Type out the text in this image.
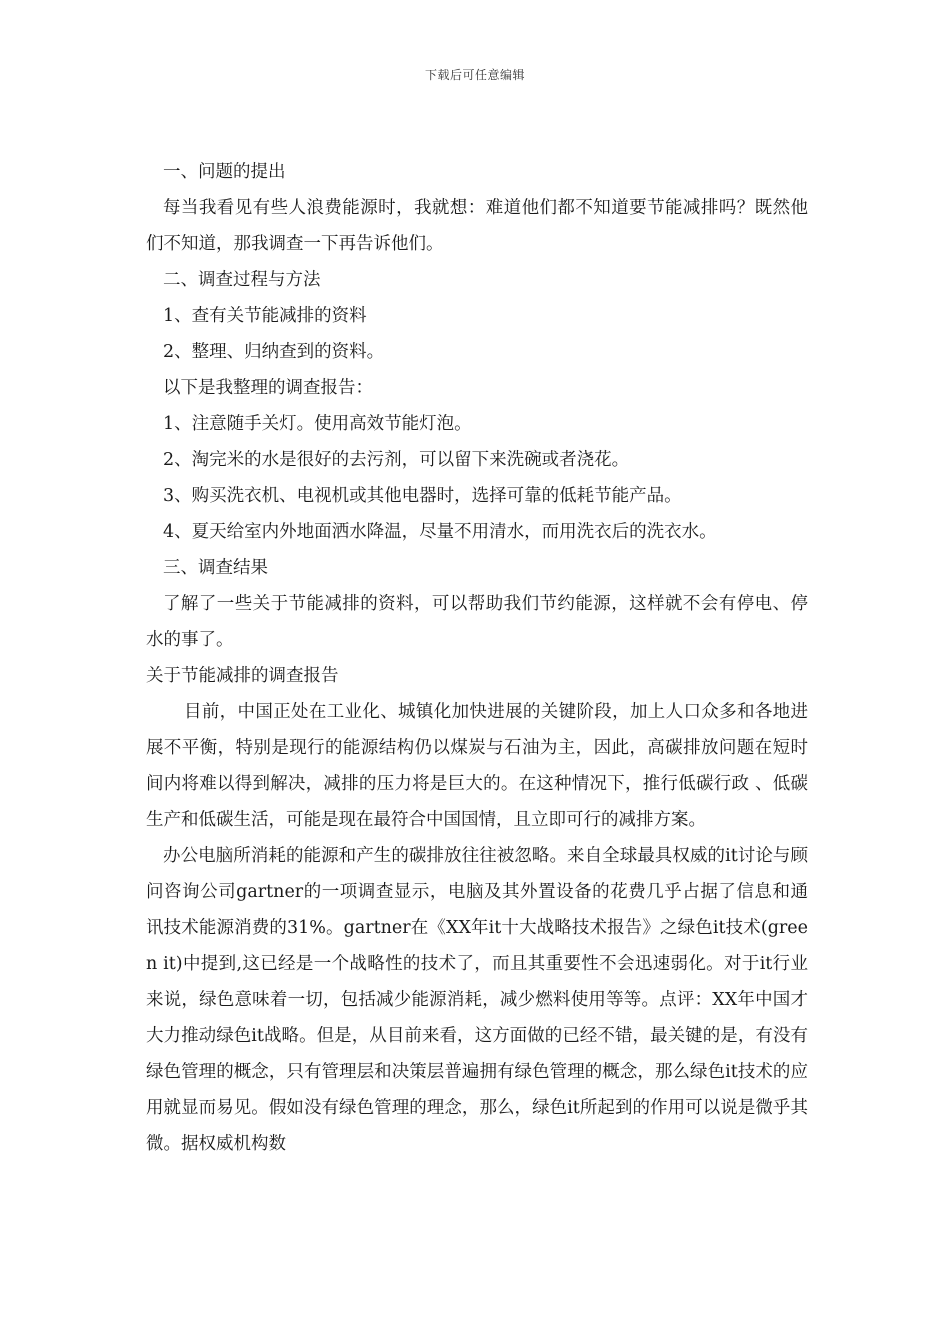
下载后可任意编辑
一、问题的提出
每当我看见有些人浪费能源时，我就想：难道他们都不知道要节能减排吗？既然他们不知道，那我调查一下再告诉他们。
二、调查过程与方法
1、查有关节能减排的资料
2、整理、归纳查到的资料。
以下是我整理的调查报告：
1、注意随手关灯。使用高效节能灯泡。
2、淘完米的水是很好的去污剂，可以留下来洗碗或者浇花。
3、购买洗衣机、电视机或其他电器时，选择可靠的低耗节能产品。
4、夏天给室内外地面洒水降温，尽量不用清水，而用洗衣后的洗衣水。
三、调查结果
了解了一些关于节能减排的资料，可以帮助我们节约能源，这样就不会有停电、停水的事了。
关于节能减排的调查报告
目前，中国正处在工业化、城镇化加快进展的关键阶段，加上人口众多和各地进展不平衡，特别是现行的能源结构仍以煤炭与石油为主，因此，高碳排放问题在短时间内将难以得到解决，减排的压力将是巨大的。在这种情况下，推行低碳行政 、低碳生产和低碳生活，可能是现在最符合中国国情，且立即可行的减排方案。
办公电脑所消耗的能源和产生的碳排放往往被忽略。来自全球最具权威的it讨论与顾问咨询公司gartner的一项调查显示，电脑及其外置设备的花费几乎占据了信息和通讯技术能源消费的31%。gartner在《XX年it十大战略技术报告》之绿色it技术(green it)中提到,这已经是一个战略性的技术了，而且其重要性不会迅速弱化。对于it行业来说，绿色意味着一切，包括减少能源消耗，减少燃料使用等等。点评：XX年中国才大力推动绿色it战略。但是，从目前来看，这方面做的已经不错，最关键的是，有没有绿色管理的概念，只有管理层和决策层普遍拥有绿色管理的概念，那么绿色it技术的应用就显而易见。假如没有绿色管理的理念，那么，绿色it所起到的作用可以说是微乎其微。据权威机构数
